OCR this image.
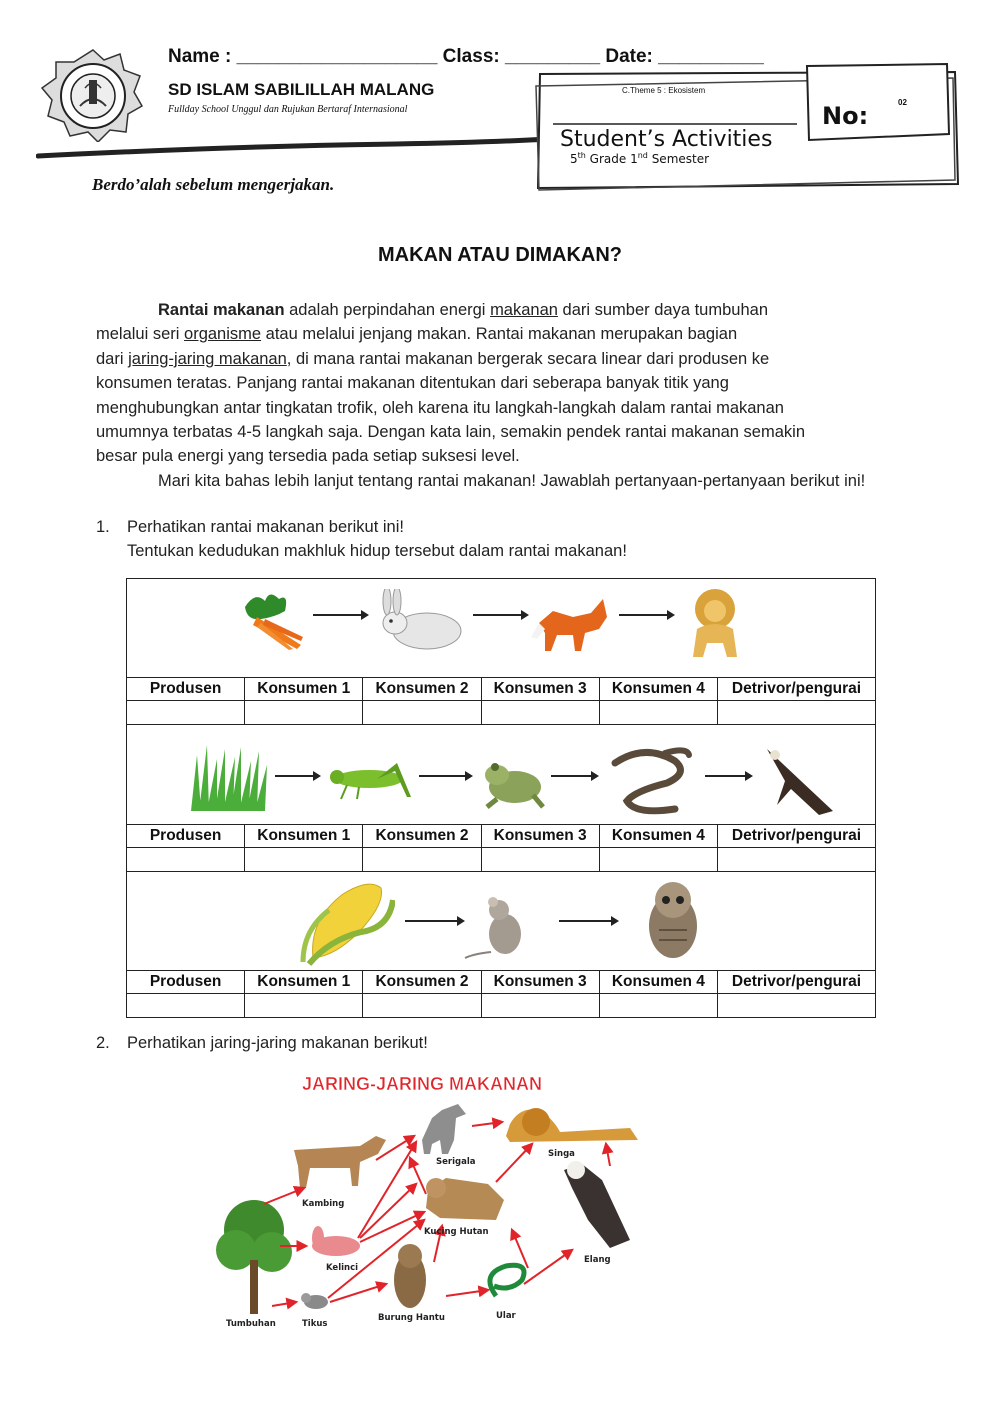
Name : ___________________ Class: _________ Date: __________
SD ISLAM SABILILLAH MALANG
Fullday School Unggul dan Rujukan Bertaraf Internasional
Berdo’alah sebelum mengerjakan.
C.Theme 5 : Ekosistem
Student’s Activities
5th Grade 1nd Semester
No:	02
MAKAN ATAU DIMAKAN?
Rantai makanan adalah perpindahan energi makanan dari sumber daya tumbuhan
melalui seri organisme atau melalui jenjang makan. Rantai makanan merupakan bagian
dari jaring-jaring makanan, di mana rantai makanan bergerak secara linear dari produsen ke
konsumen teratas. Panjang rantai makanan ditentukan dari seberapa banyak titik yang
menghubungkan antar tingkatan trofik, oleh karena itu langkah-langkah dalam rantai makanan
umumnya terbatas 4-5 langkah saja. Dengan kata lain, semakin pendek rantai makanan semakin
besar pula energi yang tersedia pada setiap suksesi level.
Mari kita bahas lebih lanjut tentang rantai makanan! Jawablah pertanyaan-pertanyaan berikut ini!
1. Perhatikan rantai makanan berikut ini!
Tentukan kedudukan makhluk hidup tersebut dalam rantai makanan!
Produsen	Konsumen 1	Konsumen 2	Konsumen 3	Konsumen 4	Detrivor/pengurai

Produsen	Konsumen 1	Konsumen 2	Konsumen 3	Konsumen 4	Detrivor/pengurai

Produsen	Konsumen 1	Konsumen 2	Konsumen 3	Konsumen 4	Detrivor/pengurai

2. Perhatikan jaring-jaring makanan berikut!
JARING-JARING MAKANAN
Kambing
Serigala
Singa
Kucing Hutan
Kelinci
Elang
Tumbuhan	Tikus
Burung Hantu	Ular
